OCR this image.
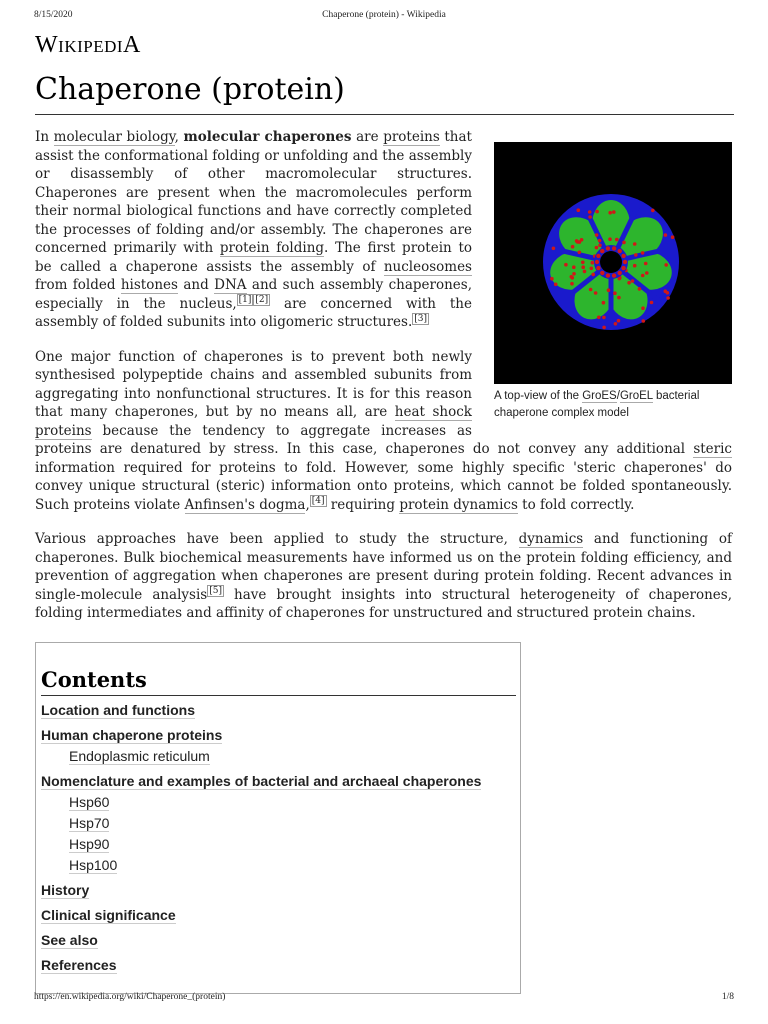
8/15/2020	Chaperone (protein) - Wikipedia
WIKIPEDIA
Chaperone (protein)
A top-view of the GroES/GroEL bacterial chaperone complex model

In molecular biology, molecular chaperones are proteins that assist the conformational folding or unfolding and the assembly or disassembly of other macromolecular structures. Chaperones are present when the macromolecules perform their normal biological functions and have correctly completed the processes of folding and/or assembly. The chaperones are concerned primarily with protein folding. The first protein to be called a chaperone assists the assembly of nucleosomes from folded histones and DNA and such assembly chaperones, especially in the nucleus, [1] [2] are concerned with the assembly of folded subunits into oligomeric structures. [3]

One major function of chaperones is to prevent both newly synthesised polypeptide chains and assembled subunits from aggregating into nonfunctional structures. It is for this reason that many chaperones, but by no means all, are heat shock proteins because the tendency to aggregate increases as proteins are denatured by stress. In this case, chaperones do not convey any additional steric information required for proteins to fold. However, some highly specific 'steric chaperones' do convey unique structural (steric) information onto proteins, which cannot be folded spontaneously. Such proteins violate Anfinsen's dogma, [4] requiring protein dynamics to fold correctly.

Various approaches have been applied to study the structure, dynamics and functioning of chaperones. Bulk biochemical measurements have informed us on the protein folding efficiency, and prevention of aggregation when chaperones are present during protein folding. Recent advances in single-molecule analysis [5] have brought insights into structural heterogeneity of chaperones, folding intermediates and affinity of chaperones for unstructured and structured protein chains.

Contents
Location and functions
Human chaperone proteins
Endoplasmic reticulum
Nomenclature and examples of bacterial and archaeal chaperones
Hsp60
Hsp70
Hsp90
Hsp100
History
Clinical significance
See also
References
https://en.wikipedia.org/wiki/Chaperone_(protein)	1/8
